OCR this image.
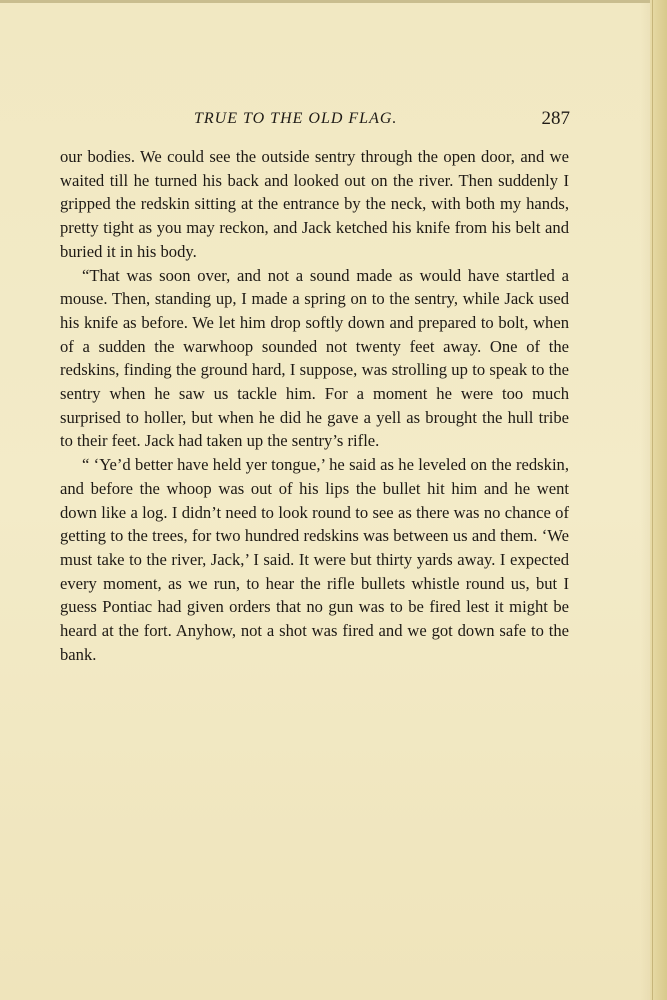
TRUE TO THE OLD FLAG.	287

our bodies. We could see the outside sentry through the open door, and we waited till he turned his back and looked out on the river. Then suddenly I gripped the redskin sitting at the entrance by the neck, with both my hands, pretty tight as you may reckon, and Jack ketched his knife from his belt and buried it in his body.

“That was soon over, and not a sound made as would have startled a mouse. Then, standing up, I made a spring on to the sentry, while Jack used his knife as before. We let him drop softly down and prepared to bolt, when of a sudden the warwhoop sounded not twenty feet away. One of the redskins, finding the ground hard, I suppose, was strolling up to speak to the sentry when he saw us tackle him. For a moment he were too much surprised to holler, but when he did he gave a yell as brought the hull tribe to their feet. Jack had taken up the sentry’s rifle.

“ ‘Ye’d better have held yer tongue,’ he said as he leveled on the redskin, and before the whoop was out of his lips the bullet hit him and he went down like a log. I didn’t need to look round to see as there was no chance of getting to the trees, for two hundred redskins was between us and them. ‘We must take to the river, Jack,’ I said. It were but thirty yards away. I expected every moment, as we run, to hear the rifle bullets whistle round us, but I guess Pontiac had given orders that no gun was to be fired lest it might be heard at the fort. Anyhow, not a shot was fired and we got down safe to the bank.
